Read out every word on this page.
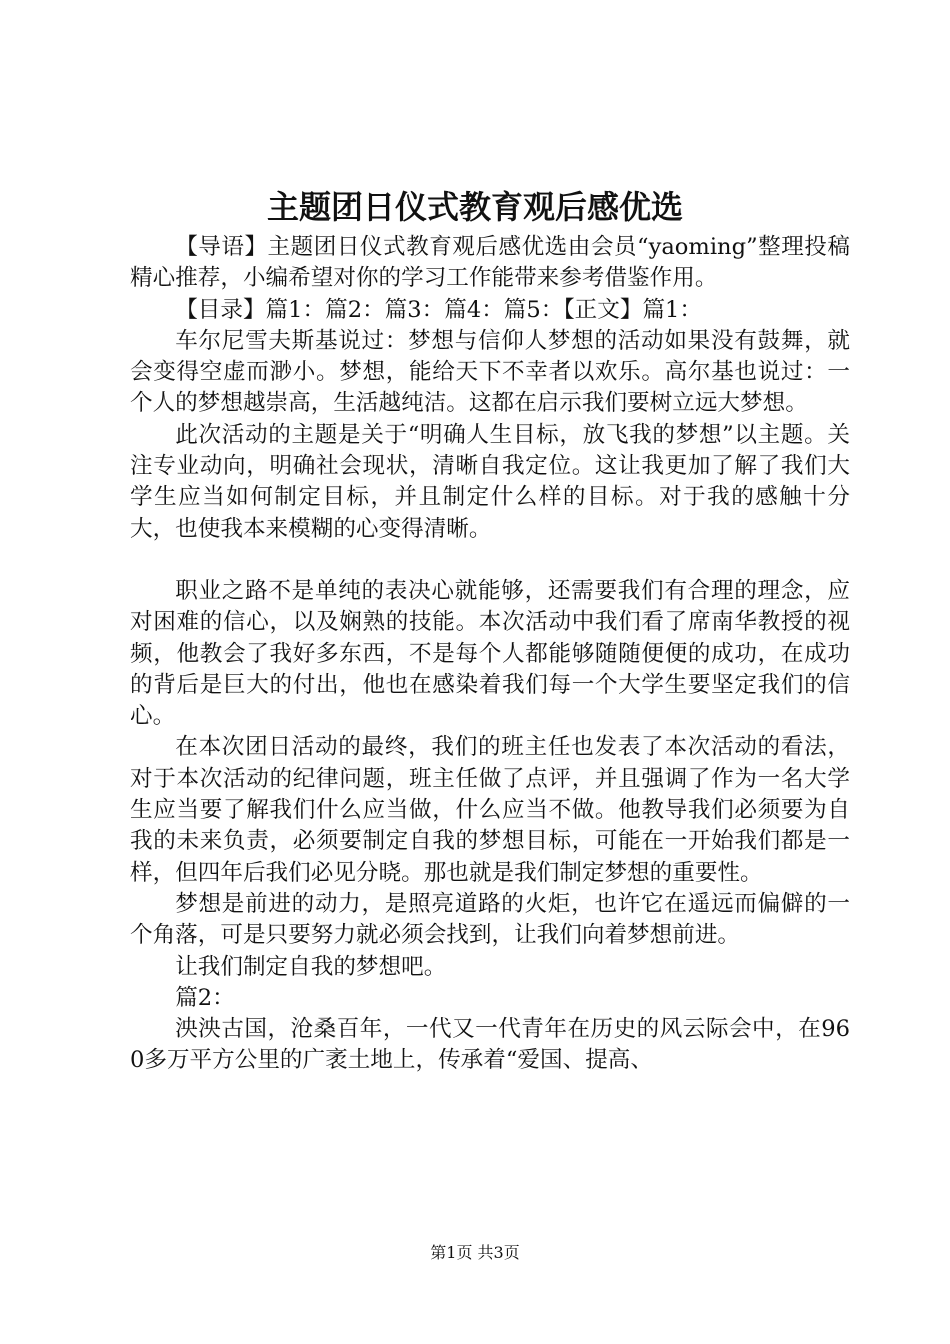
主题团日仪式教育观后感优选

【导语】主题团日仪式教育观后感优选由会员“yaoming”整理投稿精心推荐，小编希望对你的学习工作能带来参考借鉴作用。

【目录】篇1：篇2：篇3：篇4：篇5：【正文】篇1：

车尔尼雪夫斯基说过：梦想与信仰人梦想的活动如果没有鼓舞，就会变得空虚而渺小。梦想，能给天下不幸者以欢乐。高尔基也说过：一个人的梦想越崇高，生活越纯洁。这都在启示我们要树立远大梦想。

此次活动的主题是关于“明确人生目标，放飞我的梦想”以主题。关注专业动向，明确社会现状，清晰自我定位。这让我更加了解了我们大学生应当如何制定目标，并且制定什么样的目标。对于我的感触十分大，也使我本来模糊的心变得清晰。

职业之路不是单纯的表决心就能够，还需要我们有合理的理念，应对困难的信心，以及娴熟的技能。本次活动中我们看了席南华教授的视频，他教会了我好多东西，不是每个人都能够随随便便的成功，在成功的背后是巨大的付出，他也在感染着我们每一个大学生要坚定我们的信心。

在本次团日活动的最终，我们的班主任也发表了本次活动的看法，对于本次活动的纪律问题，班主任做了点评，并且强调了作为一名大学生应当要了解我们什么应当做，什么应当不做。他教导我们必须要为自我的未来负责，必须要制定自我的梦想目标，可能在一开始我们都是一样，但四年后我们必见分晓。那也就是我们制定梦想的重要性。

梦想是前进的动力，是照亮道路的火炬，也许它在遥远而偏僻的一个角落，可是只要努力就必须会找到，让我们向着梦想前进。

让我们制定自我的梦想吧。

篇2：

泱泱古国，沧桑百年，一代又一代青年在历史的风云际会中，在960多万平方公里的广袤土地上，传承着“爱国、提高、

第1页 共3页
